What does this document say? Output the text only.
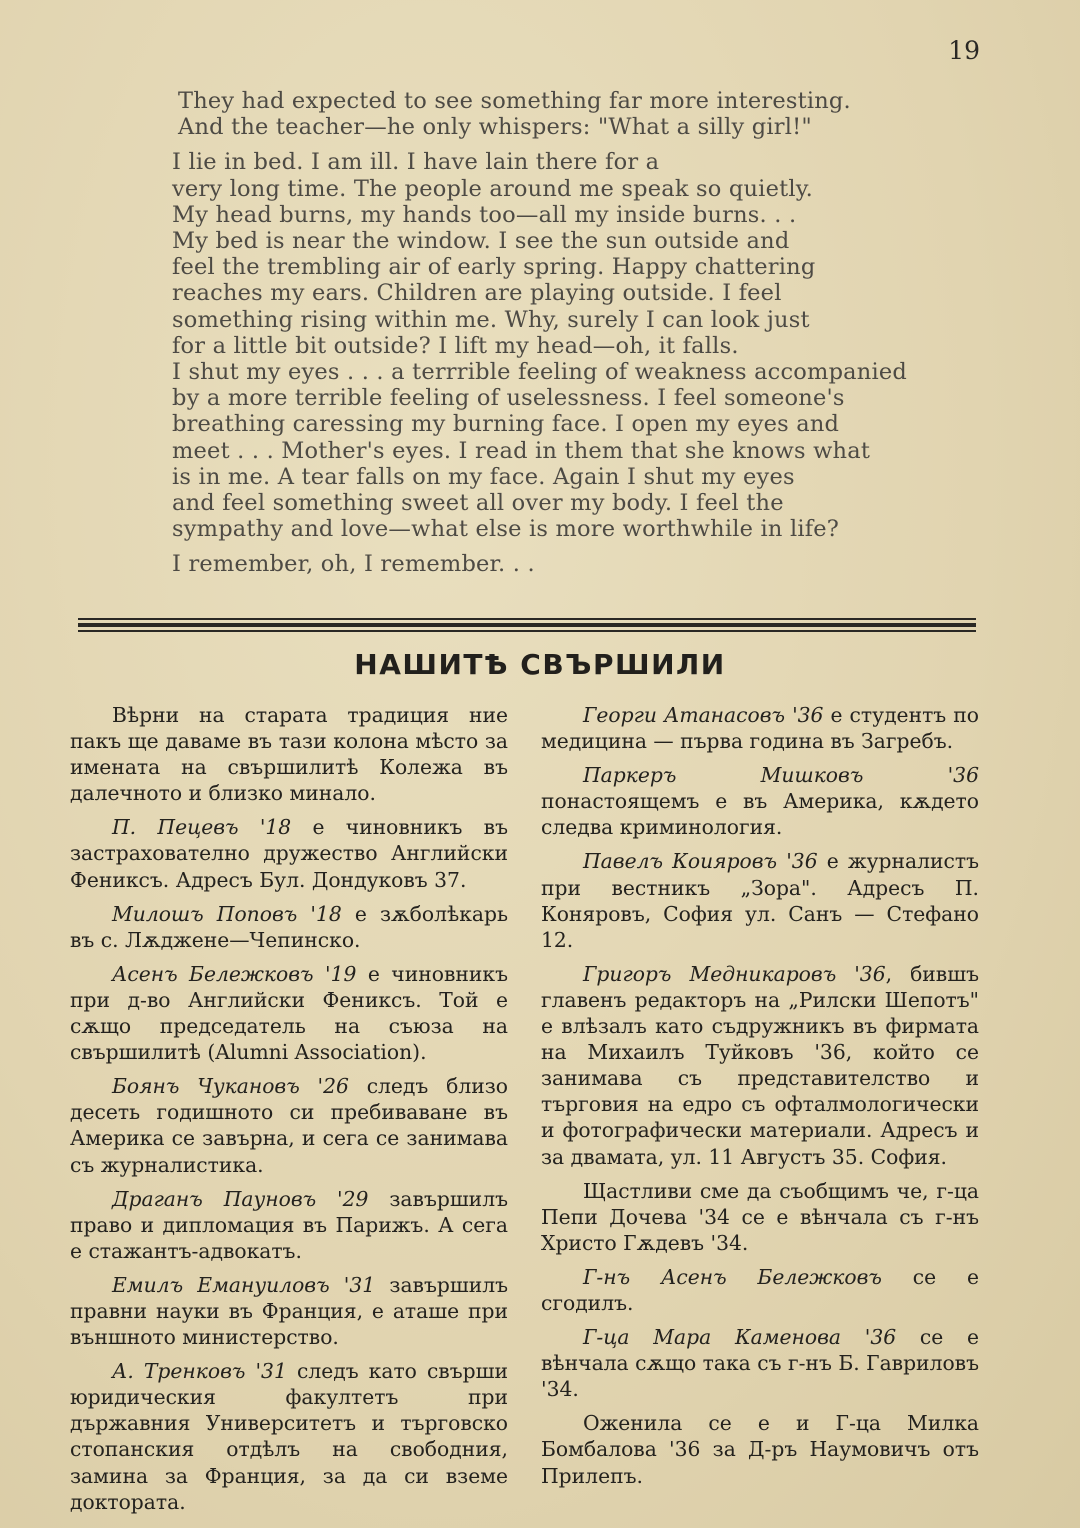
19
They had expected to see something far more interesting.
And the teacher—he only whispers: "What a silly girl!"
I lie in bed. I am ill. I have lain there for a
very long time. The people around me speak so quietly.
My head burns, my hands too—all my inside burns. . .
My bed is near the window. I see the sun outside and
feel the trembling air of early spring. Happy chattering
reaches my ears. Children are playing outside. I feel
something rising within me. Why, surely I can look just
for a little bit outside? I lift my head—oh, it falls.
I shut my eyes . . . a terrrible feeling of weakness accompanied
by a more terrible feeling of uselessness. I feel someone's
breathing caressing my burning face. I open my eyes and
meet . . . Mother's eyes. I read in them that she knows what
is in me. A tear falls on my face. Again I shut my eyes
and feel something sweet all over my body. I feel the
sympathy and love—what else is more worthwhile in life?
I remember, oh, I remember. . .
НАШИТѢ СВЪРШИЛИ

Вѣрни на старата традиция ние пакъ ще даваме въ тази колона мѣсто за имената на свършилитѣ Колежа въ далечното и близко минало.

П. Пецевъ '18 е чиновникъ въ застрахователно дружество Английски Фениксъ. Адресъ Бул. Дондуковъ 37.

Милошъ Поповъ '18 е зѫболѣкарь въ с. Лѫджене—Чепинско.

Асенъ Бележковъ '19 е чиновникъ при д-во Английски Фениксъ. Той е сѫщо председатель на съюза на свършилитѣ (Alumni Association).

Боянъ Чукановъ '26 следъ близо десеть годишното си пребиваване въ Америка се завърна, и сега се занимава съ журналистика.

Драганъ Пауновъ '29 завършилъ право и дипломация въ Парижъ. А сега е стажантъ-адвокатъ.

Емилъ Емануиловъ '31 завършилъ правни науки въ Франция, е аташе при външното министерство.

А. Тренковъ '31 следъ като свърши юридическия факултетъ при държавния Университетъ и търговско стопанския отдѣлъ на свободния, замина за Франция, за да си вземе доктората.

Георги Атанасовъ '36 е студентъ по медицина — първа година въ Загребъ.

Паркеръ Мишковъ '36 понастоящемъ е въ Америка, кѫдето следва криминология.

Павелъ Коияровъ '36 е журналистъ при вестникъ „Зора". Адресъ П. Коняровъ, София ул. Санъ — Стефано 12.

Григоръ Медникаровъ '36, бившъ главенъ редакторъ на „Рилски Шепотъ" е влѣзалъ като съдружникъ въ фирмата на Михаилъ Туйковъ '36, който се занимава съ представителство и търговия на едро съ офталмологически и фотографически материали. Адресъ и за двамата, ул. 11 Августъ 35. София.

Щастливи сме да съобщимъ че, г-ца Пепи Дочева '34 се е вѣнчала съ г-нъ Христо Гѫдевъ '34.

Г-нъ Асенъ Бележковъ се е сгодилъ.

Г-ца Мара Каменова '36 се е вѣнчала сѫщо така съ г-нъ Б. Гавриловъ '34.

Оженила се е и Г-ца Милка Бомбалова '36 за Д-ръ Наумовичъ отъ Прилепъ.
